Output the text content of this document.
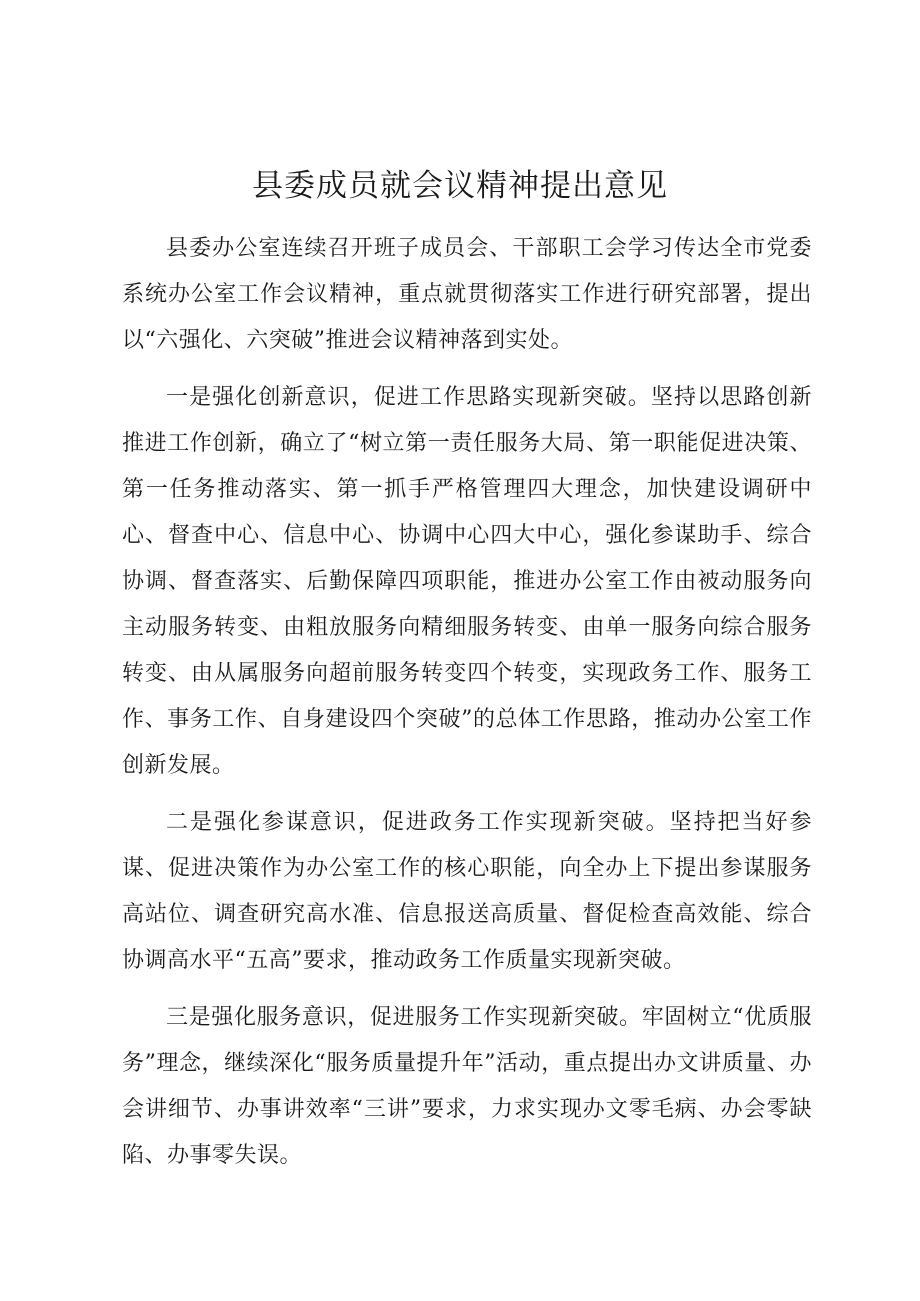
县委成员就会议精神提出意见

县委办公室连续召开班子成员会、干部职工会学习传达全市党委系统办公室工作会议精神，重点就贯彻落实工作进行研究部署，提出以“六强化、六突破”推进会议精神落到实处。

一是强化创新意识，促进工作思路实现新突破。坚持以思路创新推进工作创新，确立了“树立第一责任服务大局、第一职能促进决策、第一任务推动落实、第一抓手严格管理四大理念，加快建设调研中心、督查中心、信息中心、协调中心四大中心，强化参谋助手、综合协调、督查落实、后勤保障四项职能，推进办公室工作由被动服务向主动服务转变、由粗放服务向精细服务转变、由单一服务向综合服务转变、由从属服务向超前服务转变四个转变，实现政务工作、服务工作、事务工作、自身建设四个突破”的总体工作思路，推动办公室工作创新发展。

二是强化参谋意识，促进政务工作实现新突破。坚持把当好参谋、促进决策作为办公室工作的核心职能，向全办上下提出参谋服务高站位、调查研究高水准、信息报送高质量、督促检查高效能、综合协调高水平“五高”要求，推动政务工作质量实现新突破。

三是强化服务意识，促进服务工作实现新突破。牢固树立“优质服务”理念，继续深化“服务质量提升年”活动，重点提出办文讲质量、办会讲细节、办事讲效率“三讲”要求，力求实现办文零毛病、办会零缺陷、办事零失误。
